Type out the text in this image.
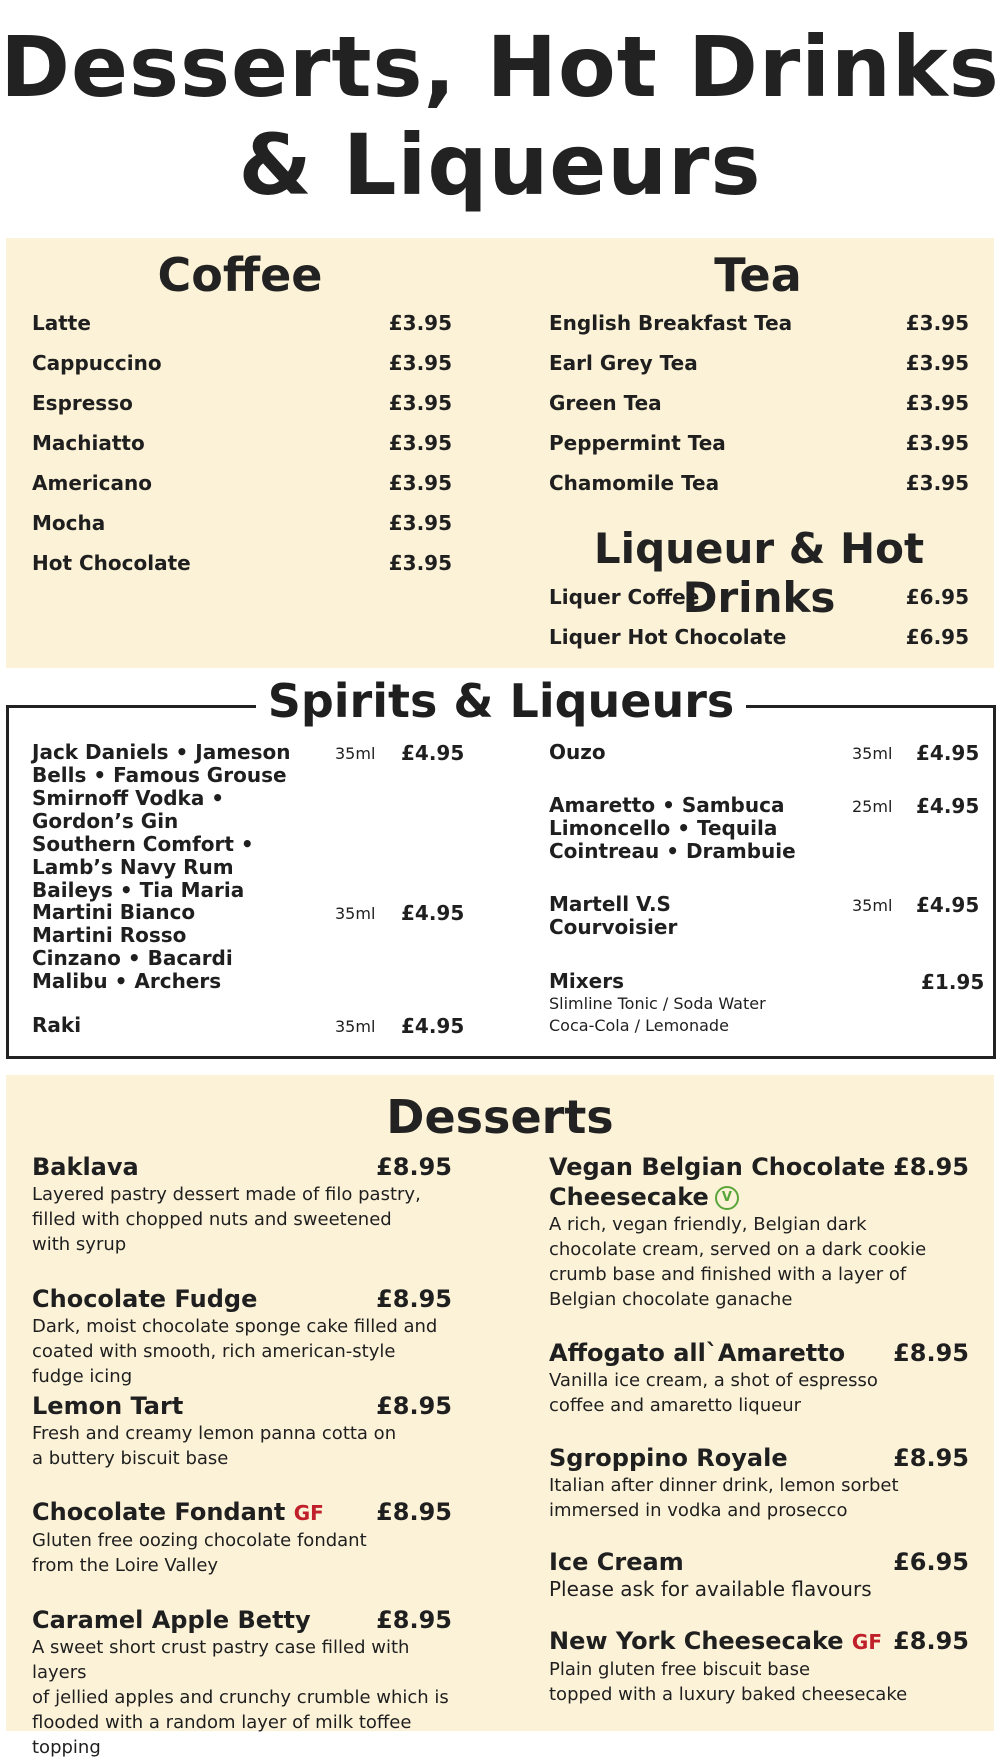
Desserts, Hot Drinks
& Liqueurs
Coffee
Latte	£3.95
Cappuccino	£3.95
Espresso	£3.95
Machiatto	£3.95
Americano	£3.95
Mocha	£3.95
Hot Chocolate	£3.95
Tea
English Breakfast Tea	£3.95
Earl Grey Tea	£3.95
Green Tea	£3.95
Peppermint Tea	£3.95
Chamomile Tea	£3.95
Liqueur & Hot Drinks
Liquer Coffee	£6.95
Liquer Hot Chocolate	£6.95
Spirits & Liqueurs
Jack Daniels • Jameson
Bells • Famous Grouse
Smirnoff Vodka • Gordon’s Gin
Southern Comfort •
Lamb’s Navy Rum
Baileys • Tia Maria
35ml £4.95
Martini Bianco
Martini Rosso
Cinzano • Bacardi
Malibu • Archers
35ml £4.95
Raki	35ml £4.95
Ouzo	35ml £4.95
Amaretto • Sambuca
Limoncello • Tequila
Cointreau • Drambuie
25ml £4.95
Martell V.S
Courvoisier
35ml £4.95
Mixers
Slimline Tonic / Soda Water
Coca-Cola / Lemonade
£1.95
Desserts
Baklava	£8.95
Layered pastry dessert made of filo pastry,
filled with chopped nuts and sweetened
with syrup
Chocolate Fudge	£8.95
Dark, moist chocolate sponge cake filled and
coated with smooth, rich american-style fudge icing
Lemon Tart	£8.95
Fresh and creamy lemon panna cotta on
a buttery biscuit base
Chocolate Fondant GF £8.95
Gluten free oozing chocolate fondant
from the Loire Valley
Caramel Apple Betty	£8.95
A sweet short crust pastry case filled with layers
of jellied apples and crunchy crumble which is
flooded with a random layer of milk toffee topping
Vegan Belgian Chocolate £8.95
Cheesecake V
A rich, vegan friendly, Belgian dark
chocolate cream, served on a dark cookie
crumb base and finished with a layer of
Belgian chocolate ganache
Affogato all`Amaretto £8.95
Vanilla ice cream, a shot of espresso
coffee and amaretto liqueur
Sgroppino Royale	£8.95
Italian after dinner drink, lemon sorbet
immersed in vodka and prosecco
Ice Cream	£6.95
Please ask for available flavours
New York Cheesecake GF £8.95
Plain gluten free biscuit base
topped with a luxury baked cheesecake
